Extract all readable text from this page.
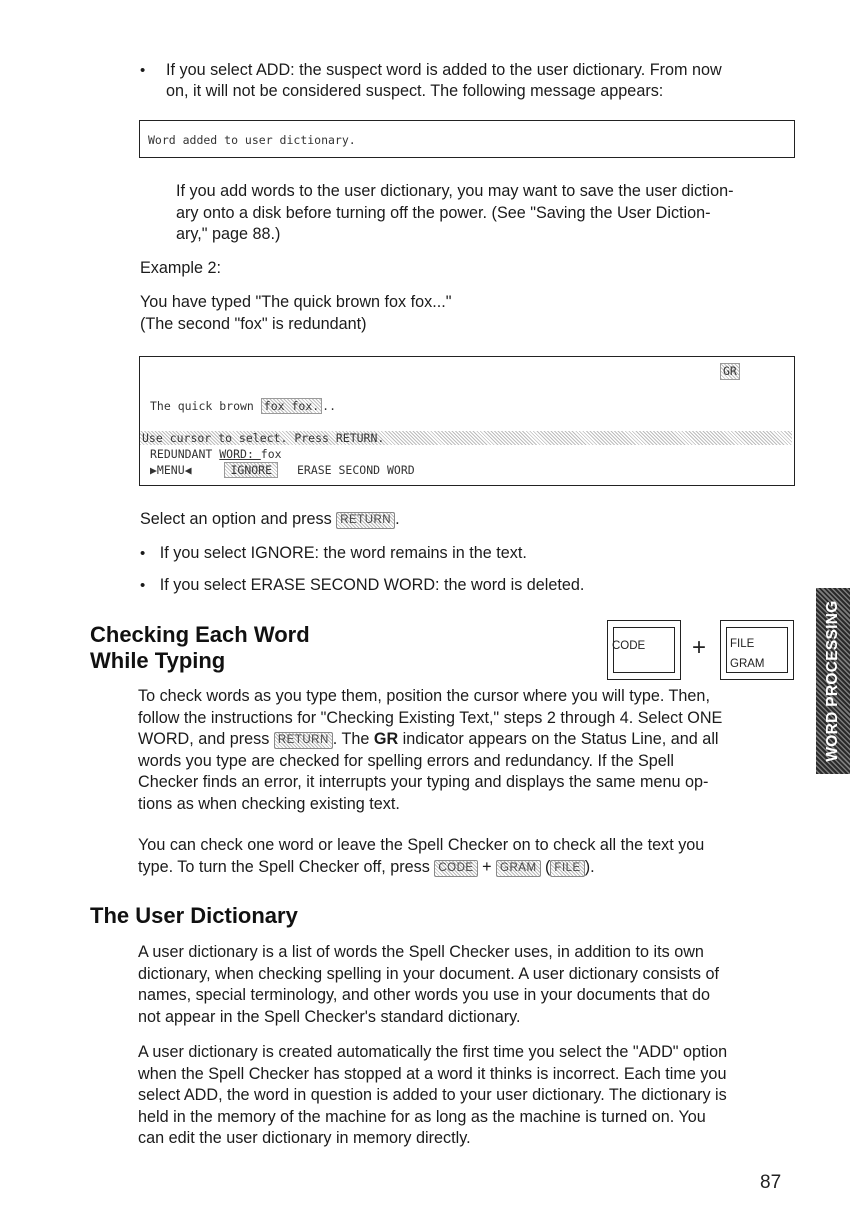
• If you select ADD: the suspect word is added to the user dictionary. From now
on, it will not be considered suspect. The following message appears:
Word added to user dictionary.
If you add words to the user dictionary, you may want to save the user diction-
ary onto a disk before turning off the power. (See "Saving the User Diction-
ary," page 88.)
Example 2:
You have typed "The quick brown fox fox..."
(The second "fox" is redundant)
GR
The quick brown fox fox. ..
Use cursor to select. Press RETURN.
REDUNDANT WORD: fox
▶MENU◀	IGNORE ERASE SECOND WORD
Select an option and press RETURN .
• If you select IGNORE: the word remains in the text.
• If you select ERASE SECOND WORD: the word is deleted.
Checking Each Word
While Typing
CODE + FILE
GRAM
To check words as you type them, position the cursor where you will type. Then,
follow the instructions for "Checking Existing Text," steps 2 through 4. Select ONE
WORD, and press RETURN . The GR indicator appears on the Status Line, and all
words you type are checked for spelling errors and redundancy. If the Spell
Checker finds an error, it interrupts your typing and displays the same menu op-
tions as when checking existing text.
You can check one word or leave the Spell Checker on to check all the text you
type. To turn the Spell Checker off, press CODE + GRAM ( FILE ).
The User Dictionary
A user dictionary is a list of words the Spell Checker uses, in addition to its own
dictionary, when checking spelling in your document. A user dictionary consists of
names, special terminology, and other words you use in your documents that do
not appear in the Spell Checker's standard dictionary.
A user dictionary is created automatically the first time you select the "ADD" option
when the Spell Checker has stopped at a word it thinks is incorrect. Each time you
select ADD, the word in question is added to your user dictionary. The dictionary is
held in the memory of the machine for as long as the machine is turned on. You
can edit the user dictionary in memory directly.
WORD PROCESSING
87
